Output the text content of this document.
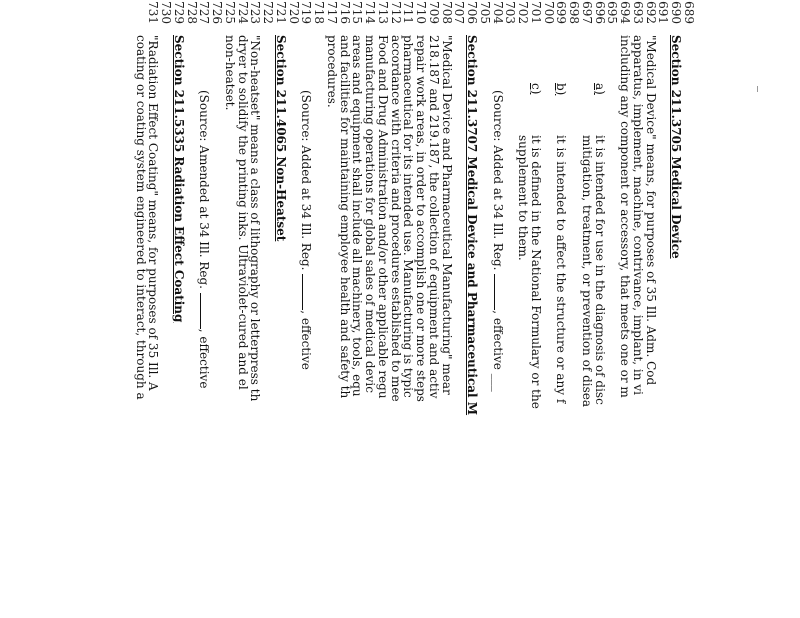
689
690
691
692
693
694
695
696
697
698
699
700
701
702
703
704
705
706
707
708
709
710
711
712
713
714
715
716
717
718
719
720
721
722
723
724
725
726
727
728
729
730
731
Section 211.3705 Medical Device
"Medical Device" means, for purposes of 35 Ill. Adm. Cod
apparatus, implement, machine, contrivance, implant, in vi
including any component or accessory, that meets one or m
a)
it is intended for use in the diagnosis of disc
mitigation, treatment, or prevention of disea
b)
it is intended to affect the structure or any f
c)
it is defined in the National Formulary or the
supplement to them.
(Source: Added at 34 Ill. Reg. , effective ___
Section 211.3707 Medical Device and Pharmaceutical M
"Medical Device and Pharmaceutical Manufacturing" mear
218.187 and 219.187, the collection of equipment and activ
repair work areas, in order to accomplish one or more steps
pharmaceutical for its intended use. Manufacturing is typic
accordance with criteria and procedures established to mee
Food and Drug Administration and/or other applicable regu
manufacturing operations for global sales of medical devic
areas and equipment shall include all machinery, tools, equ
and facilities for maintaining employee health and safety th
procedures.
(Source: Added at 34 Ill. Reg. , effective
Section 211.4065 Non-Heatset
"Non-heatset" means a class of lithography or letterpress th
dryer to solidify the printing inks. Ultraviolet-cured and el
non-heatset.
(Source: Amended at 34 Ill. Reg. , effective
Section 211.5335 Radiation Effect Coating
"Radiation Effect Coating" means, for purposes of 35 Ill. A
coating or coating system engineered to interact, through a
